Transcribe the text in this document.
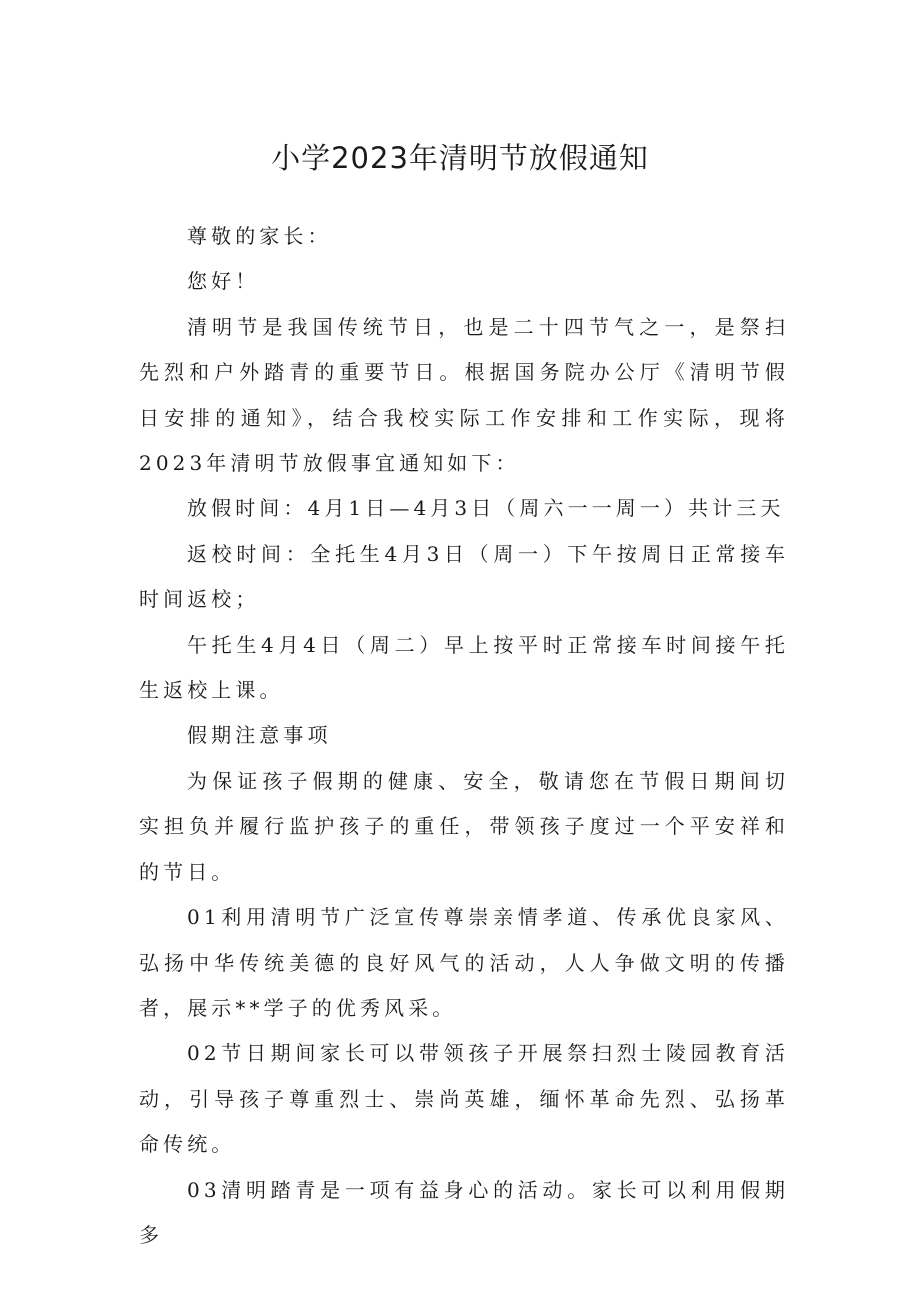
小学2023年清明节放假通知

尊敬的家长：

您好！

清明节是我国传统节日，也是二十四节气之一，是祭扫先烈和户外踏青的重要节日。根据国务院办公厅《清明节假日安排的通知》，结合我校实际工作安排和工作实际，现将2023年清明节放假事宜通知如下：

放假时间：4月1日—4月3日（周六一一周一）共计三天

返校时间：全托生4月3日（周一）下午按周日正常接车时间返校；

午托生4月4日（周二）早上按平时正常接车时间接午托生返校上课。

假期注意事项

为保证孩子假期的健康、安全，敬请您在节假日期间切实担负并履行监护孩子的重任，带领孩子度过一个平安祥和的节日。

01利用清明节广泛宣传尊崇亲情孝道、传承优良家风、弘扬中华传统美德的良好风气的活动，人人争做文明的传播者，展示**学子的优秀风采。

02节日期间家长可以带领孩子开展祭扫烈士陵园教育活动，引导孩子尊重烈士、崇尚英雄，缅怀革命先烈、弘扬革命传统。

03清明踏青是一项有益身心的活动。家长可以利用假期多
